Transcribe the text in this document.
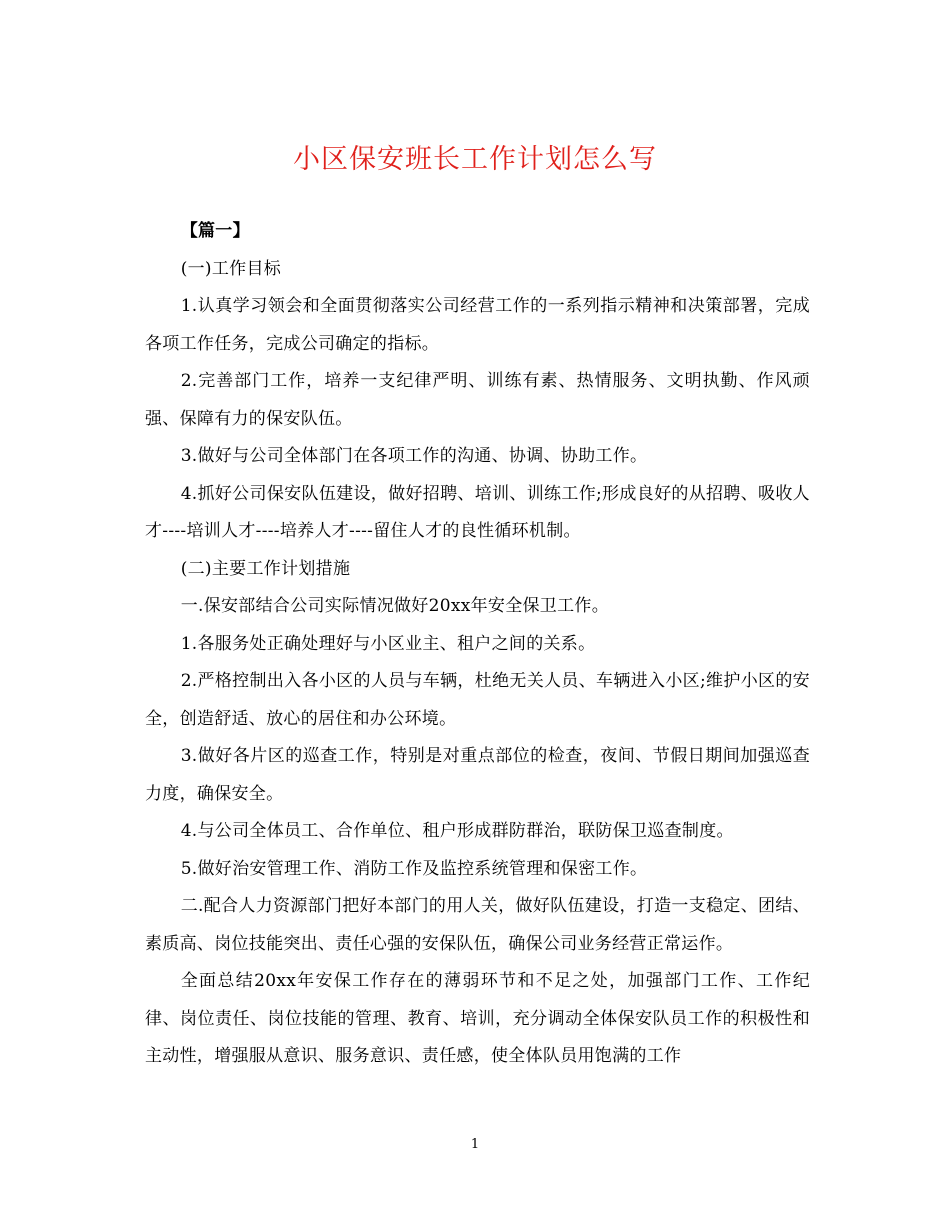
小区保安班长工作计划怎么写

【篇一】

(一)工作目标

1.认真学习领会和全面贯彻落实公司经营工作的一系列指示精神和决策部署，完成各项工作任务，完成公司确定的指标。

2.完善部门工作，培养一支纪律严明、训练有素、热情服务、文明执勤、作风顽强、保障有力的保安队伍。

3.做好与公司全体部门在各项工作的沟通、协调、协助工作。

4.抓好公司保安队伍建设，做好招聘、培训、训练工作;形成良好的从招聘、吸收人才----培训人才----培养人才----留住人才的良性循环机制。

(二)主要工作计划措施

一.保安部结合公司实际情况做好20xx年安全保卫工作。

1.各服务处正确处理好与小区业主、租户之间的关系。

2.严格控制出入各小区的人员与车辆，杜绝无关人员、车辆进入小区;维护小区的安全，创造舒适、放心的居住和办公环境。

3.做好各片区的巡查工作，特别是对重点部位的检查，夜间、节假日期间加强巡查力度，确保安全。

4.与公司全体员工、合作单位、租户形成群防群治，联防保卫巡查制度。

5.做好治安管理工作、消防工作及监控系统管理和保密工作。

二.配合人力资源部门把好本部门的用人关，做好队伍建设，打造一支稳定、团结、素质高、岗位技能突出、责任心强的安保队伍，确保公司业务经营正常运作。

全面总结20xx年安保工作存在的薄弱环节和不足之处，加强部门工作、工作纪律、岗位责任、岗位技能的管理、教育、培训，充分调动全体保安队员工作的积极性和主动性，增强服从意识、服务意识、责任感，使全体队员用饱满的工作

1
